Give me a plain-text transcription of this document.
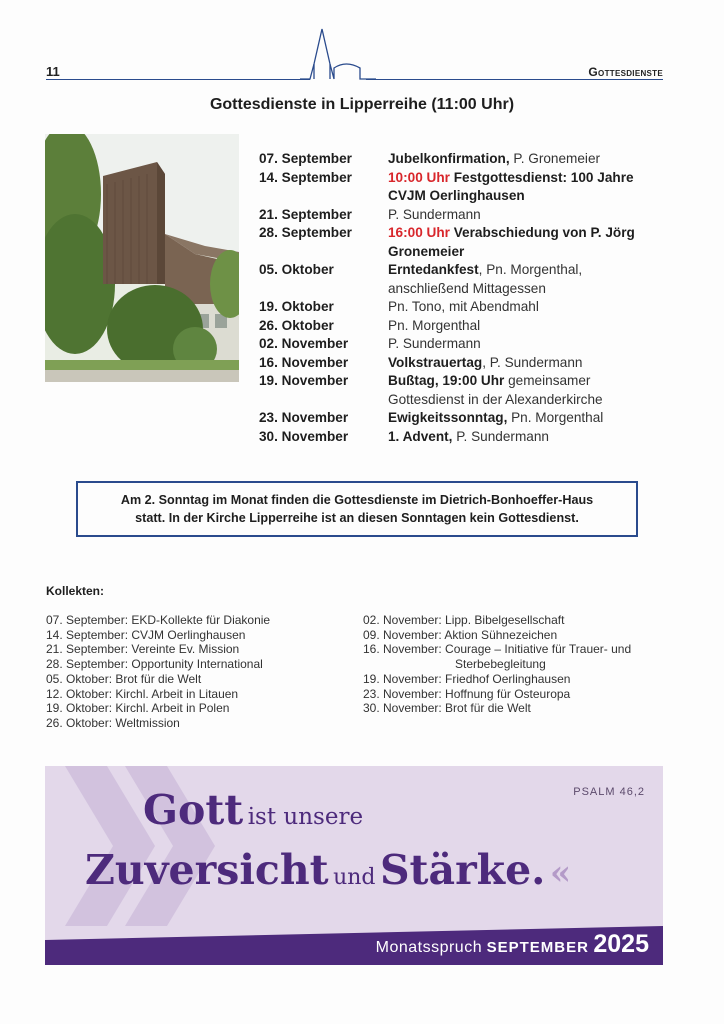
11	Gottesdienste
Gottesdienste in Lipperreihe (11:00 Uhr)
07. September	Jubelkonfirmation, P. Gronemeier
14. September	10:00 Uhr Festgottesdienst: 100 Jahre CVJM Oerlinghausen
21. September	P. Sundermann
28. September	16:00 Uhr Verabschiedung von P. Jörg Gronemeier
05. Oktober	Erntedankfest, Pn. Morgenthal, anschließend Mittagessen
19. Oktober	Pn. Tono, mit Abendmahl
26. Oktober	Pn. Morgenthal
02. November	P. Sundermann
16. November	Volkstrauertag, P. Sundermann
19. November	Bußtag, 19:00 Uhr gemeinsamer Gottesdienst in der Alexanderkirche
23. November	Ewigkeitssonntag, Pn. Morgenthal
30. November	1. Advent, P. Sundermann
Am 2. Sonntag im Monat finden die Gottesdienste im Dietrich-Bonhoeffer-Haus
statt. In der Kirche Lipperreihe ist an diesen Sonntagen kein Gottesdienst.
Kollekten:
07. September: EKD-Kollekte für Diakonie
14. September: CVJM Oerlinghausen
21. September: Vereinte Ev. Mission
28. September: Opportunity International
05. Oktober: Brot für die Welt
12. Oktober: Kirchl. Arbeit in Litauen
19. Oktober: Kirchl. Arbeit in Polen
26. Oktober: Weltmission
02. November: Lipp. Bibelgesellschaft
09. November: Aktion Sühnezeichen
16. November: Courage – Initiative für Trauer- und Sterbebegleitung
19. November: Friedhof Oerlinghausen
23. November: Hoffnung für Osteuropa
30. November: Brot für die Welt
PSALM 46,2
Gott ist unsere
Zuversicht und Stärke. «
Monatsspruch SEPTEMBER 2025
